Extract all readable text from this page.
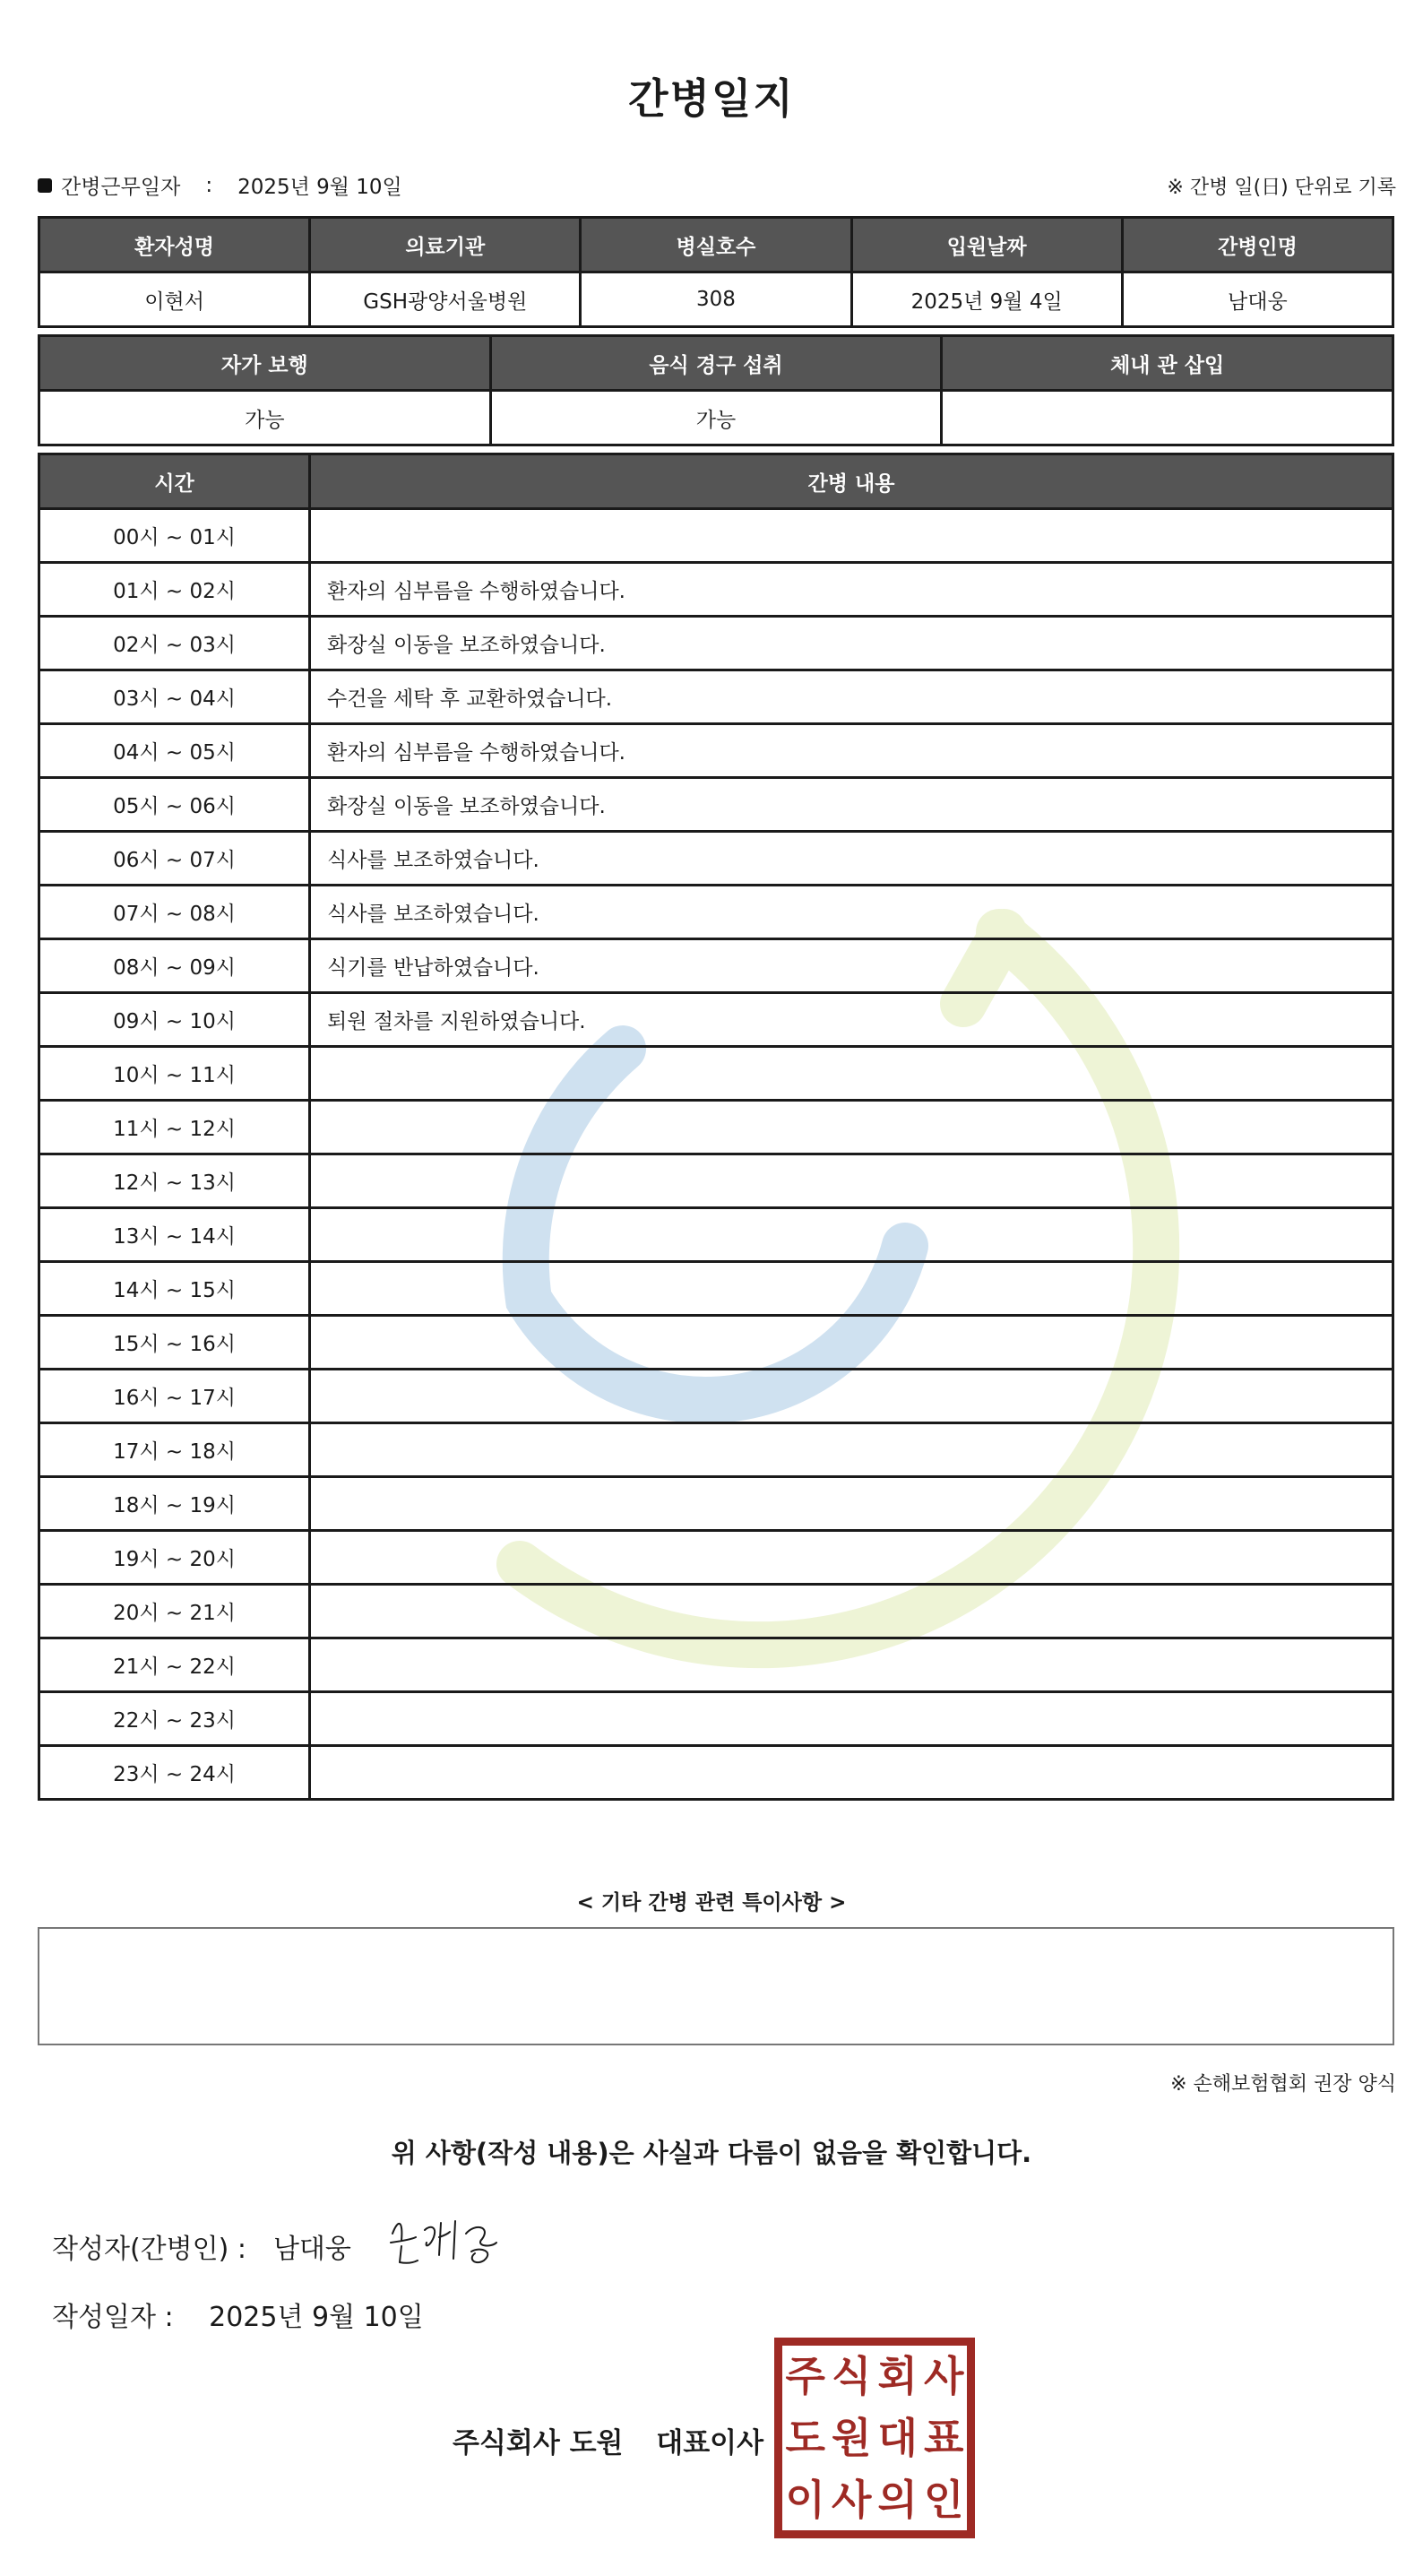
간병일지
간병근무일자 : 2025년 9월 10일	※ 간병 일(日) 단위로 기록
환자성명	의료기관	병실호수	입원날짜	간병인명
이현서	GSH광양서울병원	308	2025년 9월 4일	남대웅
자가 보행	음식 경구 섭취	체내 관 삽입
가능	가능	
시간	간병 내용
00시 ~ 01시	
01시 ~ 02시	환자의 심부름을 수행하였습니다.
02시 ~ 03시	화장실 이동을 보조하였습니다.
03시 ~ 04시	수건을 세탁 후 교환하였습니다.
04시 ~ 05시	환자의 심부름을 수행하였습니다.
05시 ~ 06시	화장실 이동을 보조하였습니다.
06시 ~ 07시	식사를 보조하였습니다.
07시 ~ 08시	식사를 보조하였습니다.
08시 ~ 09시	식기를 반납하였습니다.
09시 ~ 10시	퇴원 절차를 지원하였습니다.
10시 ~ 11시	
11시 ~ 12시	
12시 ~ 13시	
13시 ~ 14시	
14시 ~ 15시	
15시 ~ 16시	
16시 ~ 17시	
17시 ~ 18시	
18시 ~ 19시	
19시 ~ 20시	
20시 ~ 21시	
21시 ~ 22시	
22시 ~ 23시	
23시 ~ 24시	
< 기타 간병 관련 특이사항 >
※ 손해보험협회 권장 양식
위 사항(작성 내용)은 사실과 다름이 없음을 확인합니다.
작성자(간병인) : 남대웅
작성일자 : 2025년 9월 10일
주식회사 도원 대표이사
주 식 회 사
도 원 대 표
이 사 의 인
